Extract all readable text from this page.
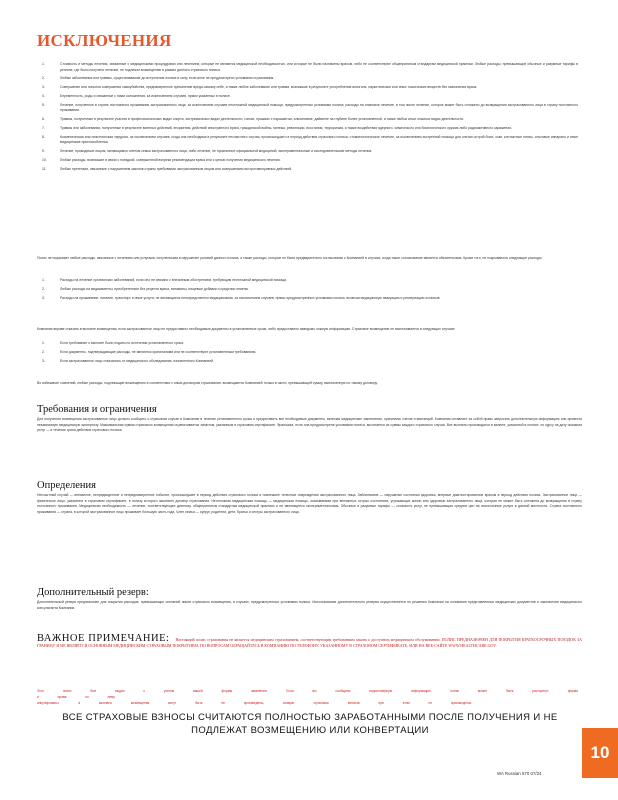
ИСКЛЮЧЕНИЯ
1.	Стоимость и методы лечения, связанные с медицинскими процедурами или лечением, которые не являются медицинской необходимостью, или которые не были назначены врачом, либо не соответствуют общепринятым стандартам медицинской практики. Любые расходы, превышающие обычные и разумные тарифы в регионе, где было получено лечение, не подлежат возмещению в рамках данного страхового полиса.
2.	Любые заболевания или травмы, существовавшие до вступления полиса в силу, если иное не предусмотрено условиями страхования.
3.	Совершение или попытка совершения самоубийства, преднамеренное причинение вреда самому себе, а также любое заболевание или травма, возникшие в результате употребления алкоголя, наркотических или иных токсических веществ без назначения врача.
4.	Беременность, роды и связанные с ними осложнения, за исключением случаев, прямо указанных в полисе.
5.	Лечение, полученное в стране постоянного проживания застрахованного лица, за исключением случаев неотложной медицинской помощи, предусмотренных условиями полиса; расходы на плановое лечение, в том числе лечение, которое может быть отложено до возвращения застрахованного лица в страну постоянного проживания.
6.	Травмы, полученные в результате участия в профессиональных видах спорта, экстремальных видах деятельности, гонках, прыжках с парашютом, альпинизме, дайвинге на глубине более установленной, а также любых иных опасных видах деятельности.
7.	Травмы или заболевания, полученные в результате военных действий, вторжения, действий иностранного врага, гражданской войны, мятежа, революции, восстания, терроризма, а также воздействия ядерного, химического или биологического оружия либо радиоактивного заражения.
8.	Косметическая или пластическая хирургия, за исключением случаев, когда она необходима в результате несчастного случая, произошедшего в период действия страхового полиса; стоматологическое лечение, за исключением экстренной помощи для снятия острой боли; очки, контактные линзы, слуховые аппараты и иные медицинские приспособления.
9.	Лечение, проводимое лицом, являющимся членом семьи застрахованного лица, либо лечение, не признанное официальной медициной; экспериментальные и исследовательские методы лечения.
10.	Любые расходы, возникшие в связи с поездкой, совершенной вопреки рекомендации врача или с целью получения медицинского лечения.
11.	Любые претензии, связанные с нарушением законов страны пребывания застрахованным лицом или совершением им противоправных действий.

Полис не покрывает любые расходы, связанные с лечением или услугами, полученными в нарушение условий данного полиса, а также расходы, которые не были предварительно согласованы с Компанией в случаях, когда такое согласование является обязательным. Кроме того, не покрываются следующие расходы:

1.	Расходы на лечение хронических заболеваний, если оно не связано с внезапным обострением, требующим неотложной медицинской помощи.
2.	Любые расходы на медикаменты, приобретенные без рецепта врача, витамины, пищевые добавки и средства гигиены.
3.	Расходы на проживание, питание, транспорт и иные услуги, не являющиеся непосредственно медицинскими, за исключением случаев, прямо предусмотренных условиями полиса, включая медицинскую эвакуацию и репатриацию останков.

Компания вправе отказать в выплате возмещения, если застрахованное лицо не предоставило необходимые документы в установленные сроки, либо предоставило заведомо ложную информацию. Страховое возмещение не выплачивается в следующих случаях:

1.	Если требование о выплате было подано по истечении установленного срока.
2.	Если документы, подтверждающие расходы, не являются оригиналами или не соответствуют установленным требованиям.
3.	Если застрахованное лицо отказалось от медицинского обследования, назначенного Компанией.

Во избежание сомнений, любые расходы, подлежащие возмещению в соответствии с иным договором страхования, возмещаются Компанией только в части, превышающей сумму, выплаченную по такому договору.

Требования и ограничения

Для получения возмещения застрахованное лицо должно сообщить о страховом случае в Компанию в течение установленного срока и предоставить все необходимые документы, включая медицинские заключения, оригиналы счетов и квитанций. Компания оставляет за собой право запросить дополнительную информацию или провести независимую медицинскую экспертизу. Максимальная сумма страхового возмещения ограничивается лимитом, указанным в страховом сертификате. Франшиза, если она предусмотрена условиями полиса, вычитается из суммы каждого страхового случая. Все выплаты производятся в валюте, указанной в полисе, по курсу на дату оказания услуг — в течение срока действия страхового полиса.

Определения

Несчастный случай — внезапное, непредвиденное и непреднамеренное событие, произошедшее в период действия страхового полиса и повлекшее телесные повреждения застрахованного лица. Заболевание — нарушение состояния здоровья, впервые диагностированное врачом в период действия полиса. Застрахованное лицо — физическое лицо, указанное в страховом сертификате, в пользу которого заключен договор страхования. Неотложная медицинская помощь — медицинская помощь, оказываемая при внезапных острых состояниях, угрожающих жизни или здоровью застрахованного лица, которая не может быть отложена до возвращения в страну постоянного проживания. Медицинская необходимость — лечение, соответствующее диагнозу, общепринятым стандартам медицинской практики и не являющееся экспериментальным. Обычные и разумные тарифы — стоимость услуг, не превышающая средних цен на аналогичные услуги в данной местности. Страна постоянного проживания — страна, в которой застрахованное лицо проживает большую часть года. Член семьи — супруг, родители, дети, братья и сестры застрахованного лица.

Дополнительный резерв:

Дополнительный резерв предназначен для покрытия расходов, превышающих основной лимит страхового возмещения, в случаях, предусмотренных условиями полиса. Использование дополнительного резерва осуществляется по решению Компании на основании представленных медицинских документов и заключения медицинского консультанта Компании.

ВАЖНОЕ ПРИМЕЧАНИЕ: Настоящий полис страхования не является медицинским страхованием, соответствующим требованиям закона о доступном медицинском обслуживании. ПОЛИС ПРЕДНАЗНАЧЕН ДЛЯ ПОКРЫТИЯ КРАТКОСРОЧНЫХ ПОЕЗДОК ЗА ГРАНИЦУ И НЕ ЯВЛЯЕТСЯ ОСНОВНЫМ МЕДИЦИНСКИМ СТРАХОВЫМ ПОКРЫТИЕМ. ПО ВОПРОСАМ ОБРАЩАЙТЕСЬ В КОМПАНИЮ ПО ТЕЛЕФОНУ, УКАЗАННОМУ В СТРАХОВОМ СЕРТИФИКАТЕ, ИЛИ НА ВЕБ-САЙТЕ WWW.HEALTHCARE.GOV.
Этот полис был выдан с учетом вашей формы заявления. Если вы сообщили недостоверную информацию, полис может быть расторгнут, форма и права по нему
аннулированы, а выплаты возмещения могут быть не произведены, возврат страховых взносов при этом не производится.
ВСЕ СТРАХОВЫЕ ВЗНОСЫ СЧИТАЮТСЯ ПОЛНОСТЬЮ ЗАРАБОТАННЫМИ ПОСЛЕ ПОЛУЧЕНИЯ И НЕ
ПОДЛЕЖАТ ВОЗМЕЩЕНИЮ ИЛИ КОНВЕРТАЦИИ
WA Russian 570 07/24
10
